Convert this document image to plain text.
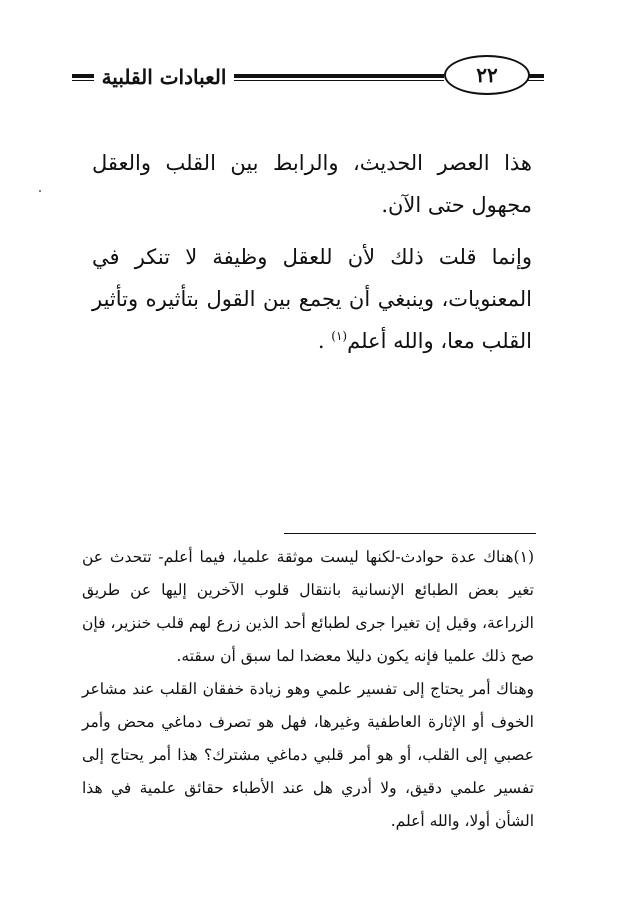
العبادات القلبية	٢٢

هذا العصر الحديث، والرابط بين القلب والعقل مجهول حتى الآن.

وإنما قلت ذلك لأن للعقل وظيفة لا تنكر في المعنويات، وينبغي أن يجمع بين القول بتأثيره وتأثير القلب معا، والله أعلم$^{(١)}$ .

(١)هناك عدة حوادث-لكنها ليست موثقة علميا، فيما أعلم- تتحدث عن تغير بعض الطبائع الإنسانية بانتقال قلوب الآخرين إليها عن طريق الزراعة، وقيل إن تغيرا جرى لطبائع أحد الذين زرع لهم قلب خنزير، فإن صح ذلك علميا فإنه يكون دليلا معضدا لما سبق أن سقته.

وهناك أمر يحتاج إلى تفسير علمي وهو زيادة خفقان القلب عند مشاعر الخوف أو الإثارة العاطفية وغيرها، فهل هو تصرف دماغي محض وأمر عصبي إلى القلب، أو هو أمر قلبي دماغي مشترك؟ هذا أمر يحتاج إلى تفسير علمي دقيق، ولا أدري هل عند الأطباء حقائق علمية في هذا الشأن أولا، والله أعلم.
